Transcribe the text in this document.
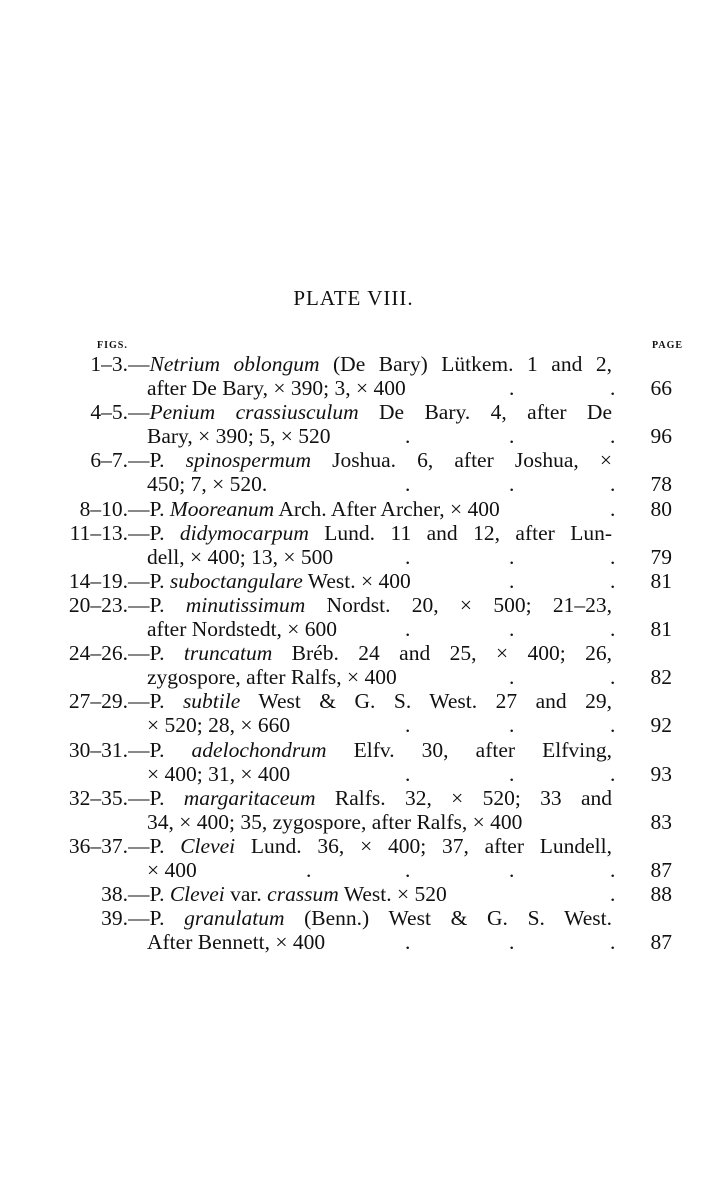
PLATE VIII.
FIGS.	PAGE
1–3. —Netrium oblongum (De Bary) Lütkem. 1 and 2,
after De Bary, × 390; 3, × 400	.
.	66
4–5. —Penium crassiusculum De Bary. 4, after De
Bary, × 390; 5, × 520	.
.
.	96
6–7. —P. spinospermum Joshua. 6, after Joshua, ×
450; 7, × 520.	.
.
.	78
8–10. —P. Mooreanum Arch. After Archer, × 400	. 80
11–13. —P. didymocarpum Lund. 11 and 12, after Lun-
dell, × 400; 13, × 500	.
.
.	79
14–19. —P. suboctangulare West. × 400	.
.	81
20–23. —P. minutissimum Nordst. 20, × 500; 21–23,
after Nordstedt, × 600	.
.
.	81
24–26. —P. truncatum Bréb. 24 and 25, × 400; 26,
zygospore, after Ralfs, × 400	.
.	82
27–29. —P. subtile West & G. S. West. 27 and 29,
× 520; 28, × 660	.
.
.	92
30–31. —P. adelochondrum Elfv. 30, after Elfving,
× 400; 31, × 400	.
.
.	93
32–35. —P. margaritaceum Ralfs. 32, × 520; 33 and
34, × 400; 35, zygospore, after Ralfs, × 400	83
36–37. —P. Clevei Lund. 36, × 400; 37, after Lundell,
× 400	.
.
.
.	87
38. —P. Clevei var. crassum West. × 520	. 88
39. —P. granulatum (Benn.) West & G. S. West.
After Bennett, × 400	.
.
.	87
